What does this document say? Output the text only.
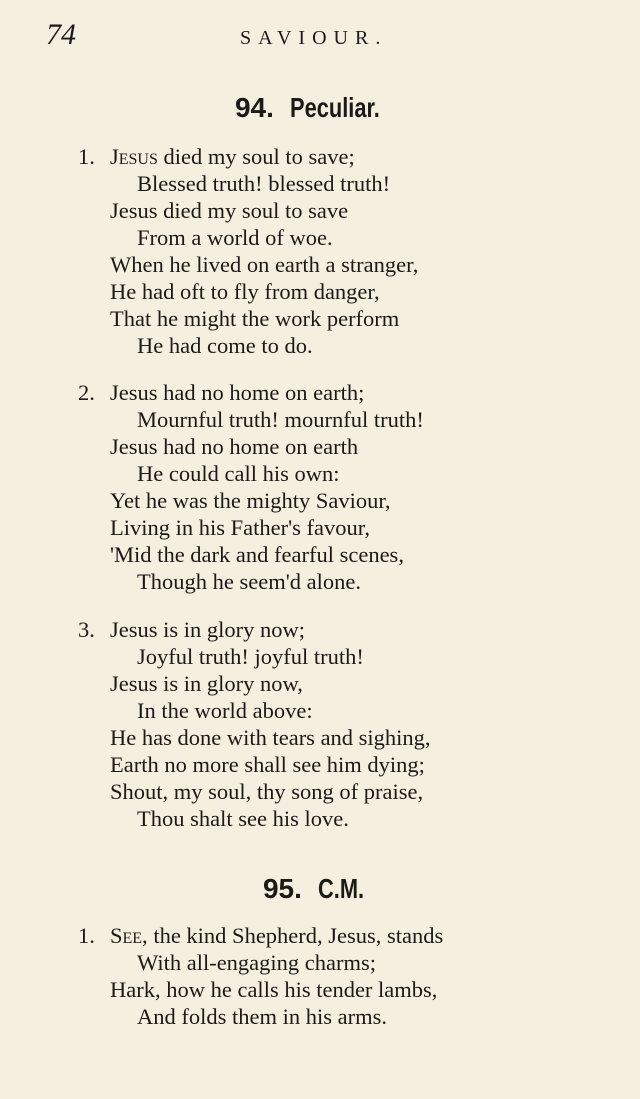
74	SAVIOUR.
94. Peculiar.
1. Jesus died my soul to save;
Blessed truth! blessed truth!
Jesus died my soul to save
From a world of woe.
When he lived on earth a stranger,
He had oft to fly from danger,
That he might the work perform
He had come to do.
2. Jesus had no home on earth;
Mournful truth! mournful truth!
Jesus had no home on earth
He could call his own:
Yet he was the mighty Saviour,
Living in his Father's favour,
'Mid the dark and fearful scenes,
Though he seem'd alone.
3. Jesus is in glory now;
Joyful truth! joyful truth!
Jesus is in glory now,
In the world above:
He has done with tears and sighing,
Earth no more shall see him dying;
Shout, my soul, thy song of praise,
Thou shalt see his love.
95. C.M.
1. See, the kind Shepherd, Jesus, stands
With all-engaging charms;
Hark, how he calls his tender lambs,
And folds them in his arms.
